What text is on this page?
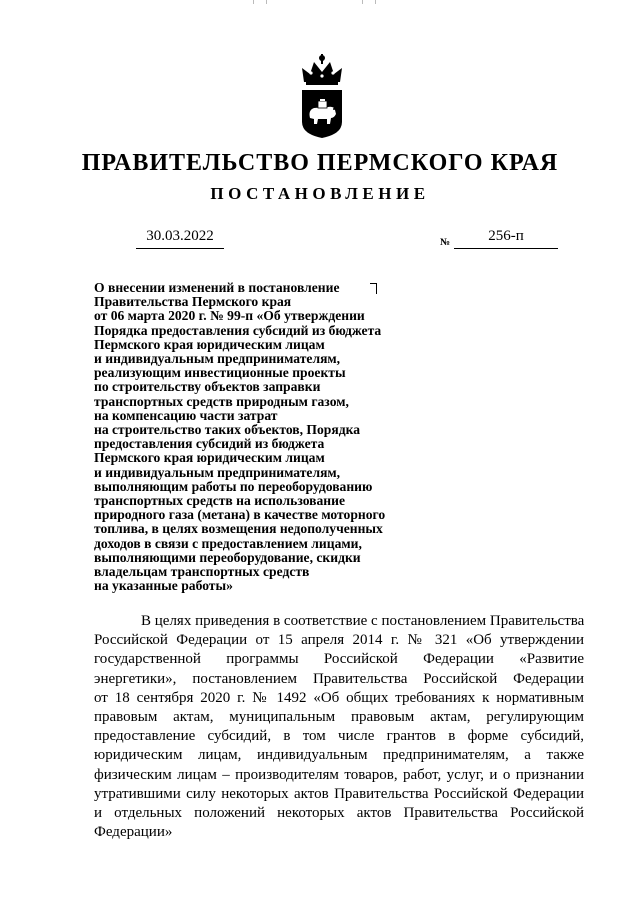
ПРАВИТЕЛЬСТВО ПЕРМСКОГО КРАЯ
ПОСТАНОВЛЕНИЕ
30.03.2022	№	256-п
О внесении изменений в постановление
Правительства Пермского края
от 06 марта 2020 г. № 99-п «Об утверждении
Порядка предоставления субсидий из бюджета
Пермского края юридическим лицам
и индивидуальным предпринимателям,
реализующим инвестиционные проекты
по строительству объектов заправки
транспортных средств природным газом,
на компенсацию части затрат
на строительство таких объектов, Порядка
предоставления субсидий из бюджета
Пермского края юридическим лицам
и индивидуальным предпринимателям,
выполняющим работы по переоборудованию
транспортных средств на использование
природного газа (метана) в качестве моторного
топлива, в целях возмещения недополученных
доходов в связи с предоставлением лицами,
выполняющими переоборудование, скидки
владельцам транспортных средств
на указанные работы»
В целях приведения в соответствие с постановлением Правительства
Российской Федерации от 15 апреля 2014 г. № 321 «Об утверждении
государственной программы Российской Федерации «Развитие
энергетики», постановлением Правительства Российской Федерации
от 18 сентября 2020 г. № 1492 «Об общих требованиях к нормативным
правовым актам, муниципальным правовым актам, регулирующим
предоставление субсидий, в том числе грантов в форме субсидий,
юридическим лицам, индивидуальным предпринимателям, а также
физическим лицам – производителям товаров, работ, услуг, и о признании
утратившими силу некоторых актов Правительства Российской Федерации
и отдельных положений некоторых актов Правительства Российской
Федерации»
